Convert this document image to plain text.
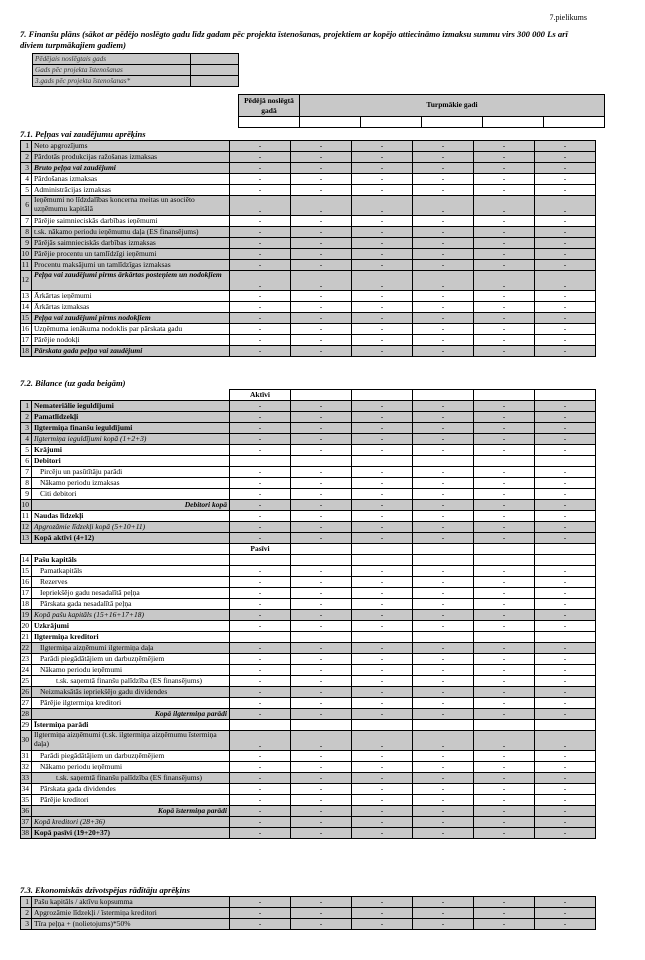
7.pielikums
7. Finanšu plāns (sākot ar pēdējo noslēgto gadu līdz gadam pēc projekta īstenošanas, projektiem ar kopējo attiecināmo izmaksu summu virs 300 000 Ls arī diviem turpmākajiem gadiem)
Pēdējais noslēgtais gads	
Gads pēc projekta īstenošanas	
3.gads pēc projekta īstenošanas*	
Pēdējā noslēgtā gadā	Turpmākie gadi				

7.1. Peļņas vai zaudējumu aprēķins
1	Neto apgrozījums	-	-	-	-	-	-
2	Pārdotās produkcijas ražošanas izmaksas	-	-	-	-	-	-
3	Bruto peļņa vai zaudējumi	-	-	-	-	-	-
4	Pārdošanas izmaksas	-	-	-	-	-	-
5	Administrācijas izmaksas	-	-	-	-	-	-
6	Ieņēmumi no līdzdalības koncerna meitas un asociēto uzņēmumu kapitālā	-	-	-	-	-	-
7	Pārējie saimnieciskās darbības ieņēmumi	-	-	-	-	-	-
8	t.sk. nākamo periodu ieņēmumu daļa (ES finansējums)	-	-	-	-	-	-
9	Pārējās saimnieciskās darbības izmaksas	-	-	-	-	-	-
10	Pārējie procentu un tamlīdzīgi ieņēmumi	-	-	-	-	-	-
11	Procentu maksājumi un tamlīdzīgas izmaksas	-	-	-	-	-	-
12	Peļņa vai zaudējumi pirms ārkārtas posteņiem un nodokļiem	-	-	-	-	-	-
13	Ārkārtas ieņēmumi	-	-	-	-	-	-
14	Ārkārtas izmaksas	-	-	-	-	-	-
15	Peļņa vai zaudējumi pirms nodokļiem	-	-	-	-	-	-
16	Uzņēmuma ienākuma nodoklis par pārskata gadu	-	-	-	-	-	-
17	Pārējie nodokļi	-	-	-	-	-	-
18	Pārskata gada peļņa vai zaudējumi	-	-	-	-	-	-
7.2. Bilance (uz gada beigām)
		Aktīvi					
1	Nemateriālie ieguldījumi	-	-	-	-	-	-
2	Pamatlīdzekļi	-	-	-	-	-	-
3	Ilgtermiņa finanšu ieguldījumi	-	-	-	-	-	-
4	Ilgtermiņa ieguldījumi kopā (1+2+3)	-	-	-	-	-	-
5	Krājumi	-	-	-	-	-	-
6	Debitori						
7	Pircēju un pasūtītāju parādi	-	-	-	-	-	-
8	Nākamo periodu izmaksas	-	-	-	-	-	-
9	Citi debitori	-	-	-	-	-	-
10	Debitori kopā	-	-	-	-	-	-
11	Naudas līdzekļi	-	-	-	-	-	-
12	Apgrozāmie līdzekļi kopā (5+10+11)	-	-	-	-	-	-
13	Kopā aktīvi (4+12)	-	-	-	-	-	-
		Pasīvi					
14	Pašu kapitāls						
15	Pamatkapitāls	-	-	-	-	-	-
16	Rezerves	-	-	-	-	-	-
17	Iepriekšējo gadu nesadalītā peļņa	-	-	-	-	-	-
18	Pārskata gada nesadalītā peļņa	-	-	-	-	-	-
19	Kopā pašu kapitāls (15+16+17+18)	-	-	-	-	-	-
20	Uzkrājumi	-	-	-	-	-	-
21	Ilgtermiņa kreditori						
22	Ilgtermiņa aizņēmumi ilgtermiņa daļa	-	-	-	-	-	-
23	Parādi piegādātājiem un darbuzņēmējiem	-	-	-	-	-	-
24	Nākamo periodu ieņēmumi	-	-	-	-	-	-
25	t.sk. saņemtā finanšu palīdzība (ES finansējums)	-	-	-	-	-	-
26	Neizmaksātās iepriekšējo gadu dividendes	-	-	-	-	-	-
27	Pārējie ilgtermiņa kreditori	-	-	-	-	-	-
28	Kopā ilgtermiņa parādi	-	-	-	-	-	-
29	Īstermiņa parādi						
30	Ilgtermiņa aizņēmumi (t.sk. ilgtermiņa aizņēmumu īstermiņa daļa)	-	-	-	-	-	-
31	Parādi piegādātājiem un darbuzņēmējiem	-	-	-	-	-	-
32	Nākamo periodu ieņēmumi	-	-	-	-	-	-
33	t.sk. saņemtā finanšu palīdzība (ES finansējums)	-	-	-	-	-	-
34	Pārskata gada dividendes	-	-	-	-	-	-
35	Pārējie kreditori	-	-	-	-	-	-
36	Kopā īstermiņa parādi	-	-	-	-	-	-
37	Kopā kreditori (28+36)	-	-	-	-	-	-
38	Kopā pasīvi (19+20+37)	-	-	-	-	-	-
7.3. Ekonomiskās dzīvotspējas rādītāju aprēķins
1	Pašu kapitāls / aktīvu kopsumma	-	-	-	-	-	-
2	Apgrozāmie līdzekļi / īstermiņa kreditori	-	-	-	-	-	-
3	Tīra peļņa + (nolietojums)*50%	-	-	-	-	-	-
